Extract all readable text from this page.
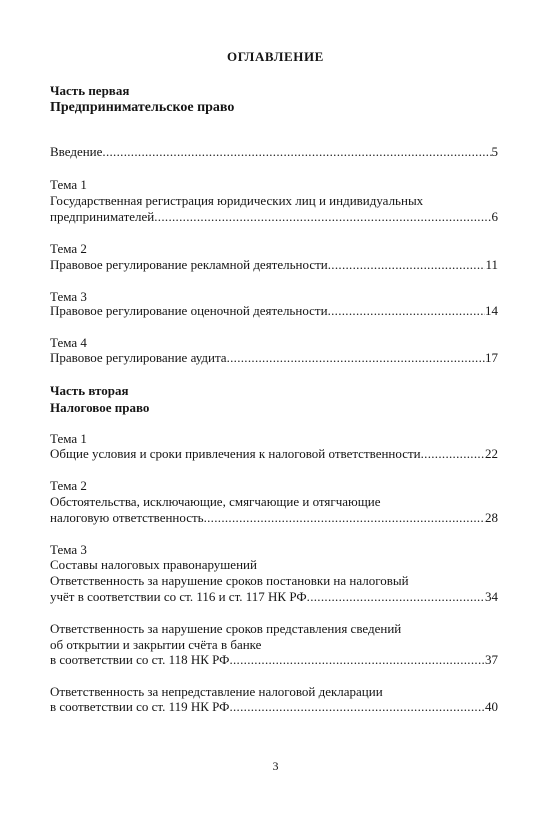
ОГЛАВЛЕНИЕ
Часть первая
Предпринимательское право
Введение .....	5
Тема 1
Государственная регистрация юридических лиц и индивидуальных
предпринимателей .....	6
Тема 2
Правовое регулирование рекламной деятельности .....	11
Тема 3
Правовое регулирование оценочной деятельности .....	14
Тема 4
Правовое регулирование аудита .....	17
Часть вторая
Налоговое право
Тема 1
Общие условия и сроки привлечения к налоговой ответственности .....	22
Тема 2
Обстоятельства, исключающие, смягчающие и отягчающие
налоговую ответственность .....	28
Тема 3
Составы налоговых правонарушений
Ответственность за нарушение сроков постановки на налоговый
учёт в соответствии со ст. 116 и ст. 117 НК РФ .....	34
Ответственность за нарушение сроков представления сведений
об открытии и закрытии счёта в банке
в соответствии со ст. 118 НК РФ .....	37
Ответственность за непредставление налоговой декларации
в соответствии со ст. 119 НК РФ .....	40
3
